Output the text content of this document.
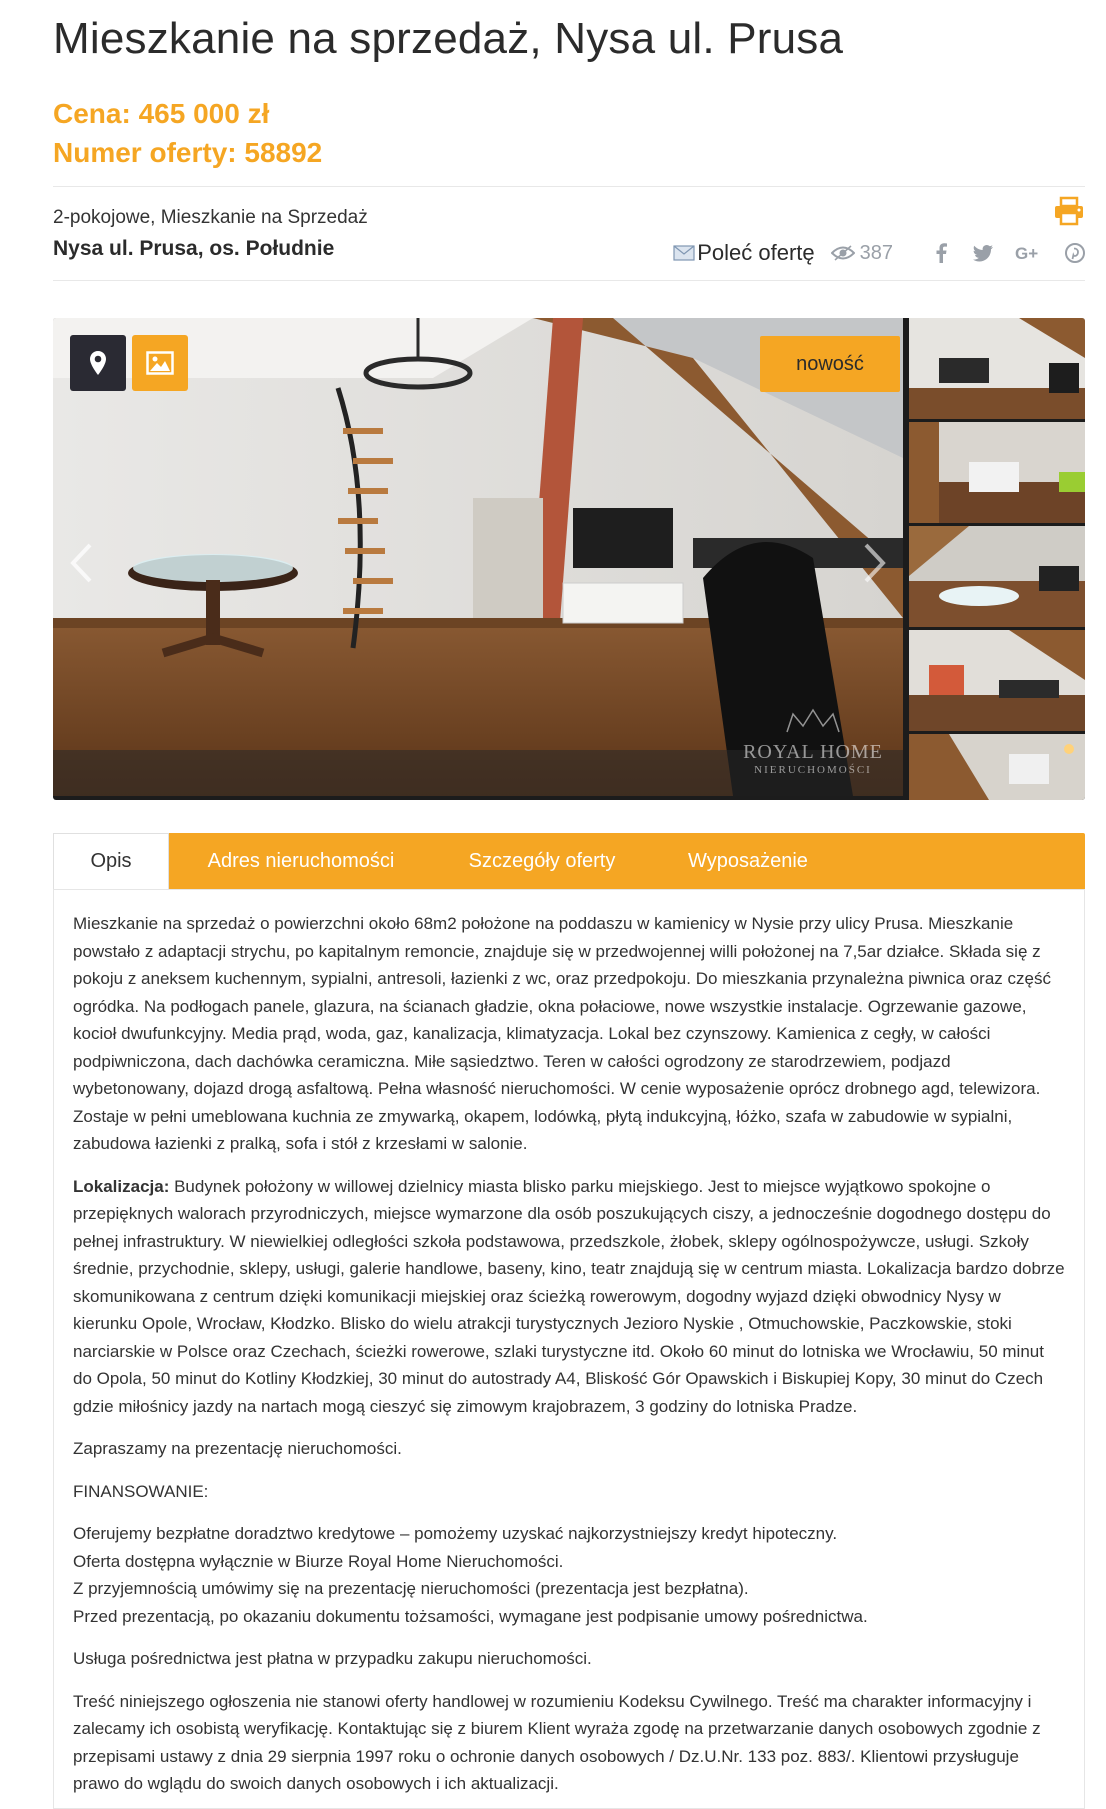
Mieszkanie na sprzedaż, Nysa ul. Prusa
Cena: 465 000 zł
Numer oferty: 58892
2-pokojowe, Mieszkanie na Sprzedaż
Nysa ul. Prusa, os. Południe	Poleć ofertę 387	G+
nowość
ROYAL HOME
NIERUCHOMOŚCI
Opis	Adres nieruchomości	Szczegóły oferty	Wyposażenie

Mieszkanie na sprzedaż o powierzchni około 68m2 położone na poddaszu w kamienicy w Nysie przy ulicy Prusa. Mieszkanie powstało z adaptacji strychu, po kapitalnym remoncie, znajduje się w przedwojennej willi położonej na 7,5ar działce. Składa się z pokoju z aneksem kuchennym, sypialni, antresoli, łazienki z wc, oraz przedpokoju. Do mieszkania przynależna piwnica oraz część ogródka. Na podłogach panele, glazura, na ścianach gładzie, okna połaciowe, nowe wszystkie instalacje. Ogrzewanie gazowe, kocioł dwufunkcyjny. Media prąd, woda, gaz, kanalizacja, klimatyzacja. Lokal bez czynszowy. Kamienica z cegły, w całości podpiwniczona, dach dachówka ceramiczna. Miłe sąsiedztwo. Teren w całości ogrodzony ze starodrzewiem, podjazd wybetonowany, dojazd drogą asfaltową. Pełna własność nieruchomości. W cenie wyposażenie oprócz drobnego agd, telewizora. Zostaje w pełni umeblowana kuchnia ze zmywarką, okapem, lodówką, płytą indukcyjną, łóżko, szafa w zabudowie w sypialni, zabudowa łazienki z pralką, sofa i stół z krzesłami w salonie.

Lokalizacja: Budynek położony w willowej dzielnicy miasta blisko parku miejskiego. Jest to miejsce wyjątkowo spokojne o przepięknych walorach przyrodniczych, miejsce wymarzone dla osób poszukujących ciszy, a jednocześnie dogodnego dostępu do pełnej infrastruktury. W niewielkiej odległości szkoła podstawowa, przedszkole, żłobek, sklepy ogólnospożywcze, usługi. Szkoły średnie, przychodnie, sklepy, usługi, galerie handlowe, baseny, kino, teatr znajdują się w centrum miasta. Lokalizacja bardzo dobrze skomunikowana z centrum dzięki komunikacji miejskiej oraz ścieżką rowerowym, dogodny wyjazd dzięki obwodnicy Nysy w kierunku Opole, Wrocław, Kłodzko. Blisko do wielu atrakcji turystycznych Jezioro Nyskie , Otmuchowskie, Paczkowskie, stoki narciarskie w Polsce oraz Czechach, ścieżki rowerowe, szlaki turystyczne itd. Około 60 minut do lotniska we Wrocławiu, 50 minut do Opola, 50 minut do Kotliny Kłodzkiej, 30 minut do autostrady A4, Bliskość Gór Opawskich i Biskupiej Kopy, 30 minut do Czech gdzie miłośnicy jazdy na nartach mogą cieszyć się zimowym krajobrazem, 3 godziny do lotniska Pradze.

Zapraszamy na prezentację nieruchomości.

FINANSOWANIE:

Oferujemy bezpłatne doradztwo kredytowe – pomożemy uzyskać najkorzystniejszy kredyt hipoteczny.
Oferta dostępna wyłącznie w Biurze Royal Home Nieruchomości.
Z przyjemnością umówimy się na prezentację nieruchomości (prezentacja jest bezpłatna).
Przed prezentacją, po okazaniu dokumentu tożsamości, wymagane jest podpisanie umowy pośrednictwa.

Usługa pośrednictwa jest płatna w przypadku zakupu nieruchomości.

Treść niniejszego ogłoszenia nie stanowi oferty handlowej w rozumieniu Kodeksu Cywilnego. Treść ma charakter informacyjny i zalecamy ich osobistą weryfikację. Kontaktując się z biurem Klient wyraża zgodę na przetwarzanie danych osobowych zgodnie z przepisami ustawy z dnia 29 sierpnia 1997 roku o ochronie danych osobowych / Dz.U.Nr. 133 poz. 883/. Klientowi przysługuje prawo do wglądu do swoich danych osobowych i ich aktualizacji.
